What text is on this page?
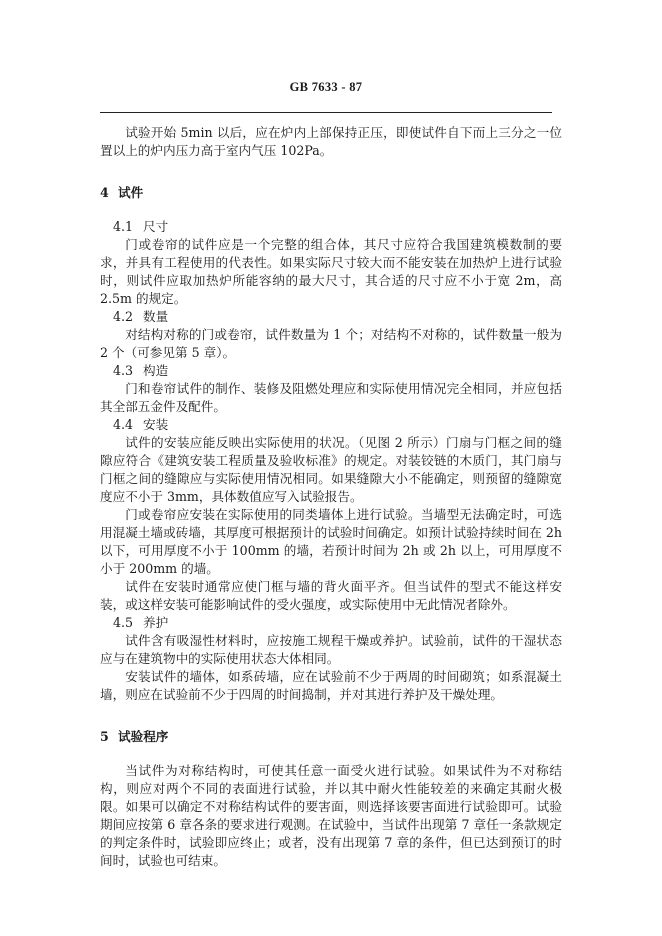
GB 7633 - 87

试验开始 5min 以后，应在炉内上部保持正压，即使试件自下而上三分之一位置以上的炉内压力高于室内气压 102Pa。

4 试件
4.1 尺寸

门或卷帘的试件应是一个完整的组合体，其尺寸应符合我国建筑模数制的要求，并具有工程使用的代表性。如果实际尺寸较大而不能安装在加热炉上进行试验时，则试件应取加热炉所能容纳的最大尺寸，其合适的尺寸应不小于宽 2m，高 2.5m 的规定。

4.2 数量

对结构对称的门或卷帘，试件数量为 1 个；对结构不对称的，试件数量一般为 2 个（可参见第 5 章）。

4.3 构造

门和卷帘试件的制作、装修及阻燃处理应和实际使用情况完全相同，并应包括其全部五金件及配件。

4.4 安装

试件的安装应能反映出实际使用的状况。（见图 2 所示）门扇与门框之间的缝隙应符合《建筑安装工程质量及验收标准》的规定。对装铰链的木质门，其门扇与门框之间的缝隙应与实际使用情况相同。如果缝隙大小不能确定，则预留的缝隙宽度应不小于 3mm，具体数值应写入试验报告。

门或卷帘应安装在实际使用的同类墙体上进行试验。当墙型无法确定时，可选用混凝土墙或砖墙，其厚度可根据预计的试验时间确定。如预计试验持续时间在 2h 以下，可用厚度不小于 100mm 的墙，若预计时间为 2h 或 2h 以上，可用厚度不小于 200mm 的墙。

试件在安装时通常应使门框与墙的背火面平齐。但当试件的型式不能这样安装，或这样安装可能影响试件的受火强度，或实际使用中无此情况者除外。

4.5 养护

试件含有吸湿性材料时，应按施工规程干燥或养护。试验前，试件的干湿状态应与在建筑物中的实际使用状态大体相同。

安装试件的墙体，如系砖墙，应在试验前不少于两周的时间砌筑；如系混凝土墙，则应在试验前不少于四周的时间捣制，并对其进行养护及干燥处理。

5 试验程序

当试件为对称结构时，可使其任意一面受火进行试验。如果试件为不对称结构，则应对两个不同的表面进行试验，并以其中耐火性能较差的来确定其耐火极限。如果可以确定不对称结构试件的要害面，则选择该要害面进行试验即可。试验期间应按第 6 章各条的要求进行观测。在试验中，当试件出现第 7 章任一条款规定的判定条件时，试验即应终止；或者，没有出现第 7 章的条件，但已达到预订的时间时，试验也可结束。
